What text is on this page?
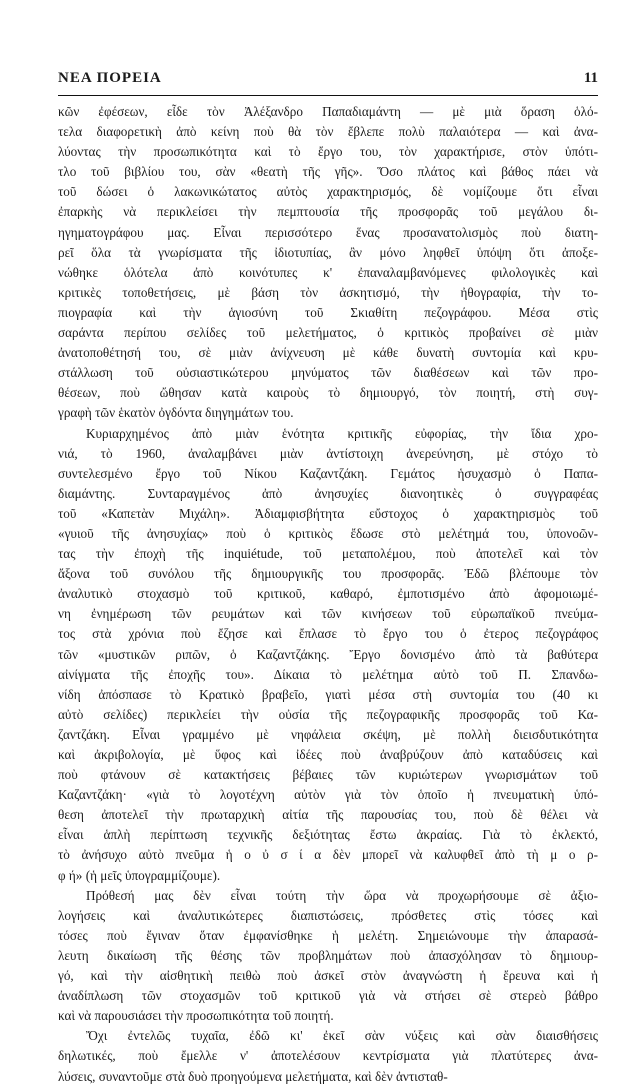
ΝΕΑ ΠΟΡΕΙΑ	11
κῶν ἐφέσεων, εἶδε τὸν Ἀλέξανδρο Παπαδιαμάντη — μὲ μιὰ ὅραση ὁλό-
τελα διαφορετικὴ ἀπὸ κείνη ποὺ θὰ τὸν ἔβλεπε πολὺ παλαιότερα — καὶ ἀνα-
λύοντας τὴν προσωπικότητα καὶ τὸ ἔργο του, τὸν χαρακτήρισε, στὸν ὑπότι-
τλο τοῦ βιβλίου του, σὰν «θεατὴ τῆς γῆς». Ὅσο πλάτος καὶ βάθος πάει νὰ
τοῦ δώσει ὁ λακωνικώτατος αὐτὸς χαρακτηρισμός, δὲ νομίζουμε ὅτι εἶναι
ἐπαρκὴς νὰ περικλείσει τὴν πεμπτουσία τῆς προσφορᾶς τοῦ μεγάλου δι-
ηγηματογράφου μας. Εἶναι περισσότερο ἕνας προσανατολισμὸς ποὺ διατη-
ρεῖ ὅλα τὰ γνωρίσματα τῆς ἰδιοτυπίας, ἂν μόνο ληφθεῖ ὑπόψη ὅτι ἀποξε-
νώθηκε ὁλότελα ἀπὸ κοινότυπες κ' ἐπαναλαμβανόμενες φιλολογικὲς καὶ
κριτικὲς τοποθετήσεις, μὲ βάση τὸν ἀσκητισμό, τὴν ἠθογραφία, τὴν το-
πιογραφία καὶ τὴν ἁγιοσύνη τοῦ Σκιαθίτη πεζογράφου. Μέσα στὶς
σαράντα περίπου σελίδες τοῦ μελετήματος, ὁ κριτικὸς προβαίνει σὲ μιὰν
ἀνατοποθέτησή του, σὲ μιὰν ἀνίχνευση μὲ κάθε δυνατὴ συντομία καὶ κρυ-
στάλλωση τοῦ οὐσιαστικώτερου μηνύματος τῶν διαθέσεων καὶ τῶν προ-
θέσεων, ποὺ ὤθησαν κατὰ καιροὺς τὸ δημιουργό, τὸν ποιητή, στὴ συγ-
γραφὴ τῶν ἑκατὸν ὀγδόντα διηγημάτων του.
Κυριαρχημένος ἀπὸ μιὰν ἑνότητα κριτικῆς εὐφορίας, τὴν ἴδια χρο-
νιά, τὸ 1960, ἀναλαμβάνει μιὰν ἀντίστοιχη ἀνερεύνηση, μὲ στόχο τὸ
συντελεσμένο ἔργο τοῦ Νίκου Καζαντζάκη. Γεμάτος ἡσυχασμὸ ὁ Παπα-
διαμάντης. Συνταραγμένος ἀπὸ ἀνησυχίες διανοητικὲς ὁ συγγραφέας
τοῦ «Καπετὰν Μιχάλη». Ἀδιαμφισβήτητα εὔστοχος ὁ χαρακτηρισμὸς τοῦ
«γυιοῦ τῆς ἀνησυχίας» ποὺ ὁ κριτικὸς ἔδωσε στὸ μελέτημά του, ὑπονοῶν-
τας τὴν ἐποχὴ τῆς inquiétude, τοῦ μεταπολέμου, ποὺ ἀποτελεῖ καὶ τὸν
ἄξονα τοῦ συνόλου τῆς δημιουργικῆς του προσφορᾶς. Ἐδῶ βλέπουμε τὸν
ἀναλυτικὸ στοχασμὸ τοῦ κριτικοῦ, καθαρό, ἐμποτισμένο ἀπὸ ἀφομοιωμέ-
νη ἐνημέρωση τῶν ρευμάτων καὶ τῶν κινήσεων τοῦ εὐρωπαϊκοῦ πνεύμα-
τος στὰ χρόνια ποὺ ἔζησε καὶ ἔπλασε τὸ ἔργο του ὁ ἐτερος πεζογράφος
τῶν «μυστικῶν ριπῶν, ὁ Καζαντζάκης. Ἔργο δονισμένο ἀπὸ τὰ βαθύτερα
αἰνίγματα τῆς ἐποχῆς του». Δίκαια τὸ μελέτημα αὐτὸ τοῦ Π. Σπανδω-
νίδη ἀπόσπασε τὸ Κρατικὸ βραβεῖο, γιατὶ μέσα στὴ συντομία του (40 κι
αὐτὸ σελίδες) περικλείει τὴν οὐσία τῆς πεζογραφικῆς προσφορᾶς τοῦ Κα-
ζαντζάκη. Εἶναι γραμμένο μὲ νηφάλεια σκέψη, μὲ πολλὴ διεισδυτικότητα
καὶ ἀκριβολογία, μὲ ὕφος καὶ ἰδέες ποὺ ἀναβρύζουν ἀπὸ καταδύσεις καὶ
ποὺ φτάνουν σὲ κατακτήσεις βέβαιες τῶν κυριώτερων γνωρισμάτων τοῦ
Καζαντζάκη· «γιὰ τὸ λογοτέχνη αὐτὸν γιὰ τὸν ὁποῖο ἡ πνευματικὴ ὑπό-
θεση ἀποτελεῖ τὴν πρωταρχικὴ αἰτία τῆς παρουσίας του, ποὺ δὲ θέλει νὰ
εἶναι ἁπλὴ περίπτωση τεχνικῆς δεξιότητας ἔστω ἀκραίας. Γιὰ τὸ ἐκλεκτό,
τὸ ἀνήσυχο αὐτὸ πνεῦμα ἡ ο ὐ σ ί α δὲν μπορεῖ νὰ καλυφθεῖ ἀπὸ τὴ μ ο ρ-
φ ή» (ἡ μεῖς ὑπογραμμίζουμε).
Πρόθεσή μας δὲν εἶναι τούτη τὴν ὥρα νὰ προχωρήσουμε σὲ ἀξιο-
λογήσεις καὶ ἀναλυτικώτερες διαπιστώσεις, πρόσθετες στὶς τόσες καὶ
τόσες ποὺ ἔγιναν ὅταν ἐμφανίσθηκε ἡ μελέτη. Σημειώνουμε τὴν ἀπαρασά-
λευτη δικαίωση τῆς θέσης τῶν προβλημάτων ποὺ ἀπασχόλησαν τὸ δημιουρ-
γό, καὶ τὴν αἰσθητικὴ πειθὼ ποὺ ἀσκεῖ στὸν ἀναγνώστη ἡ ἔρευνα καὶ ἡ
ἀναδίπλωση τῶν στοχασμῶν τοῦ κριτικοῦ γιὰ νὰ στήσει σὲ στερεὸ βάθρο
καὶ νὰ παρουσιάσει τὴν προσωπικότητα τοῦ ποιητή.
Ὄχι ἐντελῶς τυχαῖα, ἐδῶ κι' ἐκεῖ σὰν νύξεις καὶ σὰν διαισθήσεις
δηλωτικές, ποὺ ἔμελλε ν' ἀποτελέσουν κεντρίσματα γιὰ πλατύτερες ἀνα-
λύσεις, συναντοῦμε στὰ δυὸ προηγούμενα μελετήματα, καὶ δὲν ἀντισταθ-
